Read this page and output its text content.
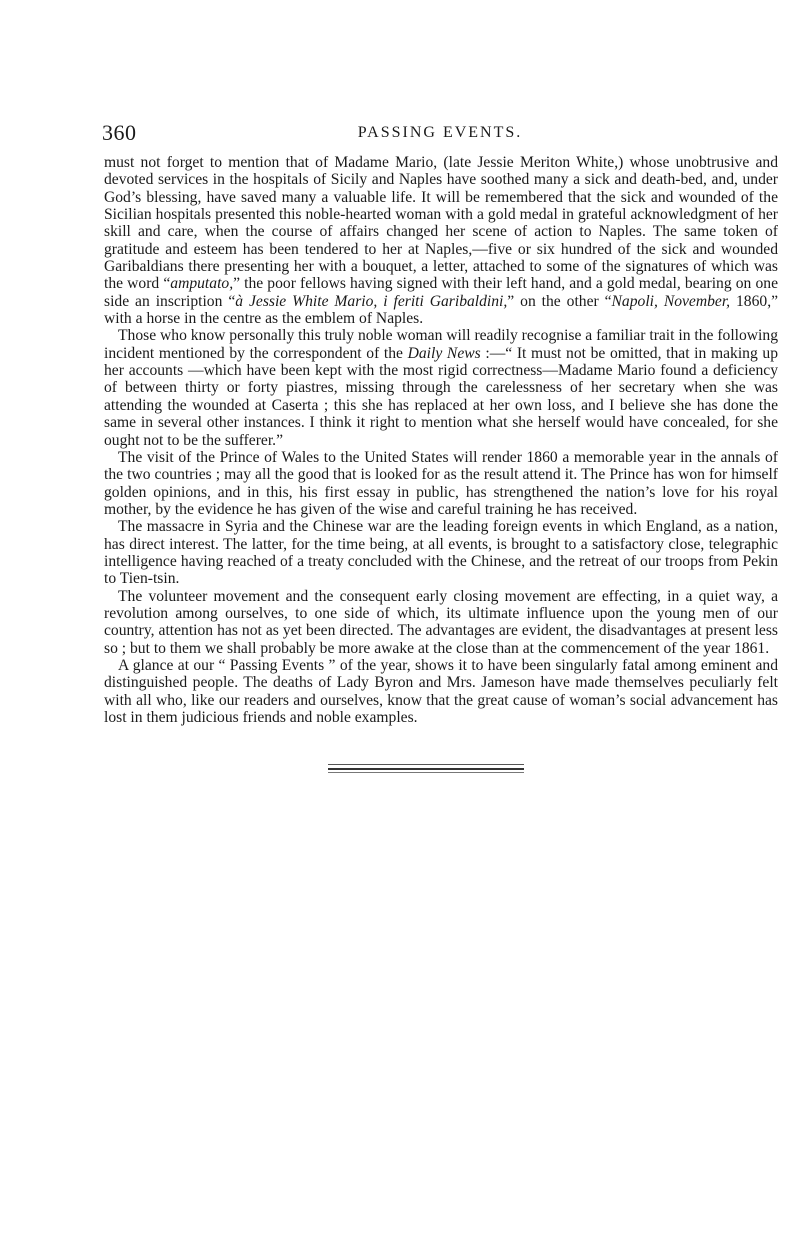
360	PASSING EVENTS.

must not forget to mention that of Madame Mario, (late Jessie Meriton White,) whose unobtrusive and devoted services in the hospitals of Sicily and Naples have soothed many a sick and death-bed, and, under God’s blessing, have saved many a valuable life. It will be remembered that the sick and wounded of the Sicilian hospitals presented this noble-hearted woman with a gold medal in grateful acknowledgment of her skill and care, when the course of affairs changed her scene of action to Naples. The same token of gratitude and esteem has been tendered to her at Naples,—five or six hundred of the sick and wounded Garibaldians there presenting her with a bouquet, a letter, attached to some of the signatures of which was the word “amputato,” the poor fellows having signed with their left hand, and a gold medal, bearing on one side an inscription “à Jessie White Mario, i feriti Garibaldini,” on the other “Napoli, November, 1860,” with a horse in the centre as the emblem of Naples.

Those who know personally this truly noble woman will readily recognise a familiar trait in the following incident mentioned by the correspondent of the Daily News :—“ It must not be omitted, that in making up her accounts —which have been kept with the most rigid correctness—Madame Mario found a deficiency of between thirty or forty piastres, missing through the carelessness of her secretary when she was attending the wounded at Caserta ; this she has replaced at her own loss, and I believe she has done the same in several other instances. I think it right to mention what she herself would have concealed, for she ought not to be the sufferer.”

The visit of the Prince of Wales to the United States will render 1860 a memorable year in the annals of the two countries ; may all the good that is looked for as the result attend it. The Prince has won for himself golden opinions, and in this, his first essay in public, has strengthened the nation’s love for his royal mother, by the evidence he has given of the wise and careful training he has received.

The massacre in Syria and the Chinese war are the leading foreign events in which England, as a nation, has direct interest. The latter, for the time being, at all events, is brought to a satisfactory close, telegraphic intelligence having reached of a treaty concluded with the Chinese, and the retreat of our troops from Pekin to Tien-tsin.

The volunteer movement and the consequent early closing movement are effecting, in a quiet way, a revolution among ourselves, to one side of which, its ultimate influence upon the young men of our country, attention has not as yet been directed. The advantages are evident, the disadvantages at present less so ; but to them we shall probably be more awake at the close than at the commencement of the year 1861.

A glance at our “ Passing Events ” of the year, shows it to have been singularly fatal among eminent and distinguished people. The deaths of Lady Byron and Mrs. Jameson have made themselves peculiarly felt with all who, like our readers and ourselves, know that the great cause of woman’s social advancement has lost in them judicious friends and noble examples.
